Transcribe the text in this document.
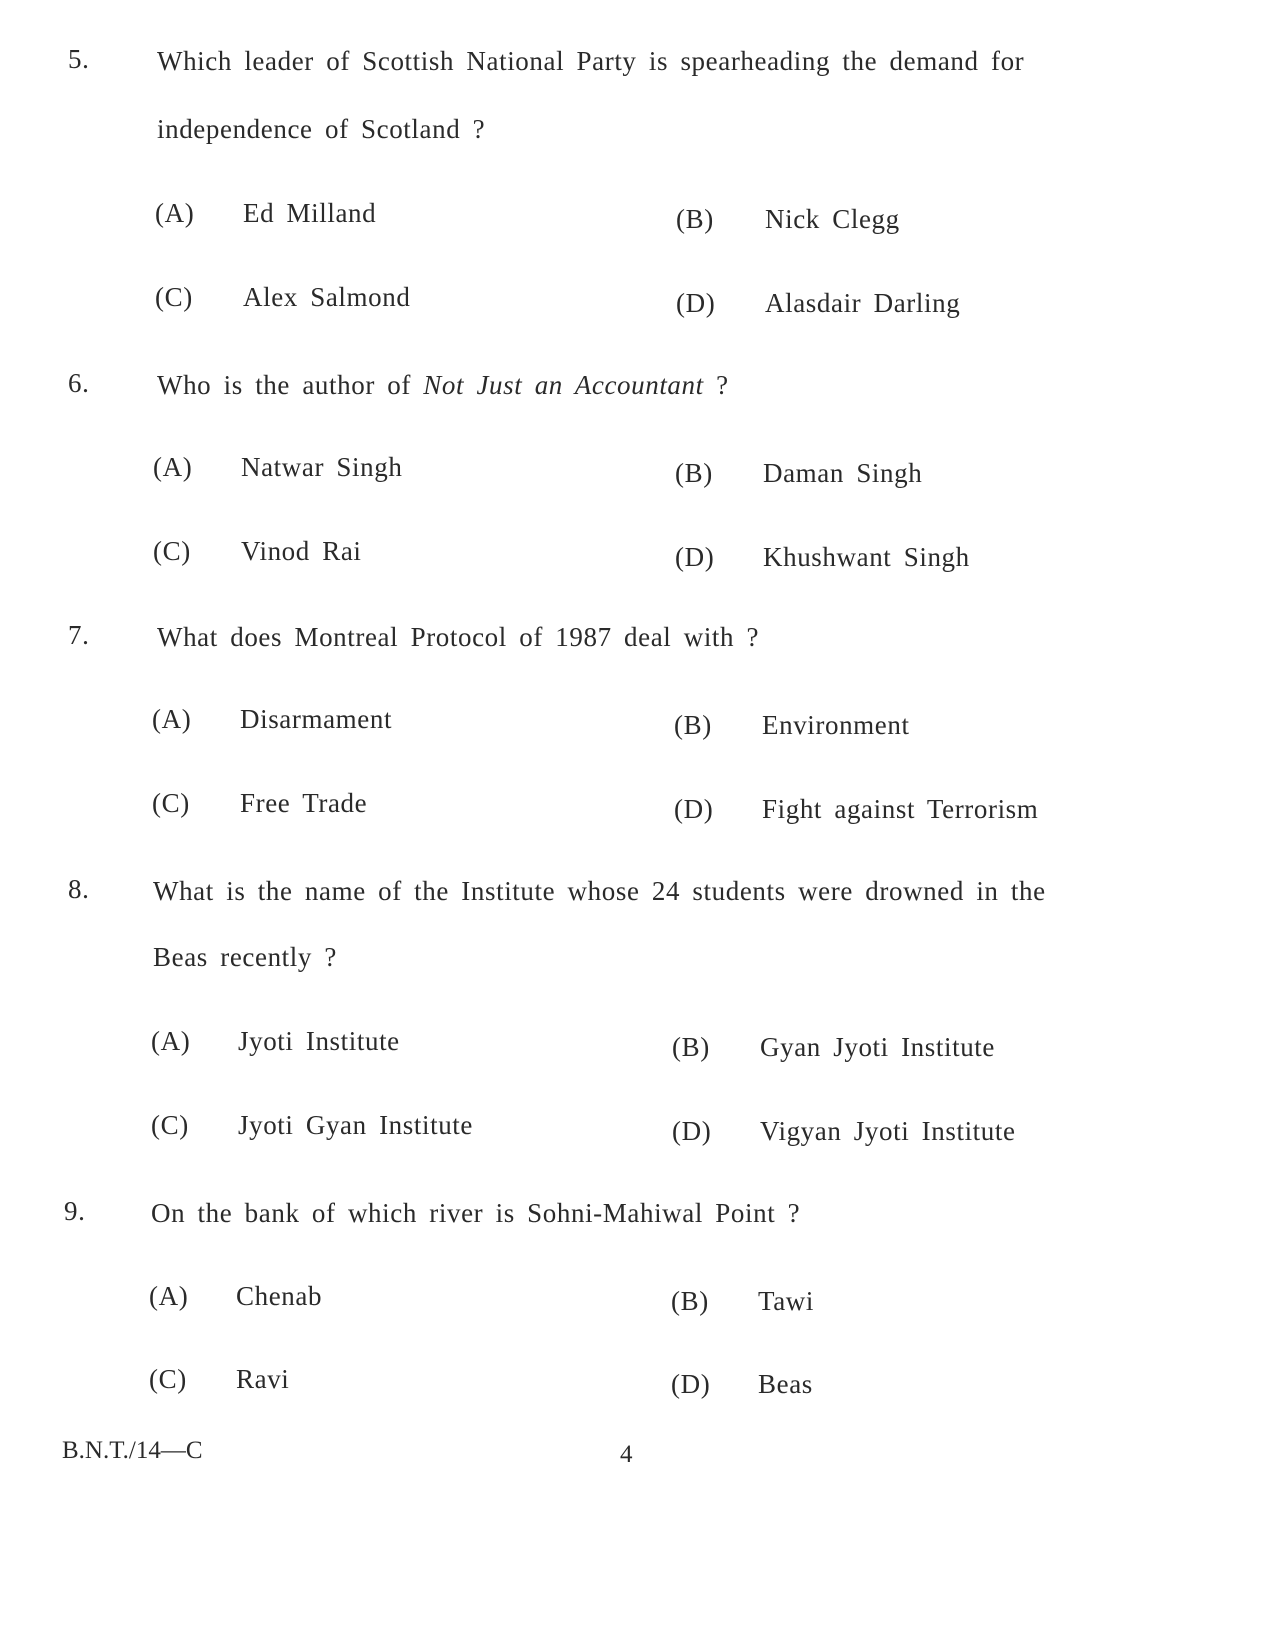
5.	Which leader of Scottish National Party is spearheading the demand for
independence of Scotland ?
(A) Ed Milland	(B) Nick Clegg
(C) Alex Salmond	(D) Alasdair Darling
6.	Who is the author of Not Just an Accountant ?
(A) Natwar Singh	(B) Daman Singh
(C) Vinod Rai	(D) Khushwant Singh
7.	What does Montreal Protocol of 1987 deal with ?
(A) Disarmament	(B) Environment
(C) Free Trade	(D) Fight against Terrorism
8. What is the name of the Institute whose 24 students were drowned in the
Beas recently ?
(A) Jyoti Institute	(B) Gyan Jyoti Institute
(C) Jyoti Gyan Institute	(D) Vigyan Jyoti Institute
9. On the bank of which river is Sohni-Mahiwal Point ?
(A) Chenab	(B) Tawi
(C) Ravi	(D) Beas
B.N.T./14—C	4
